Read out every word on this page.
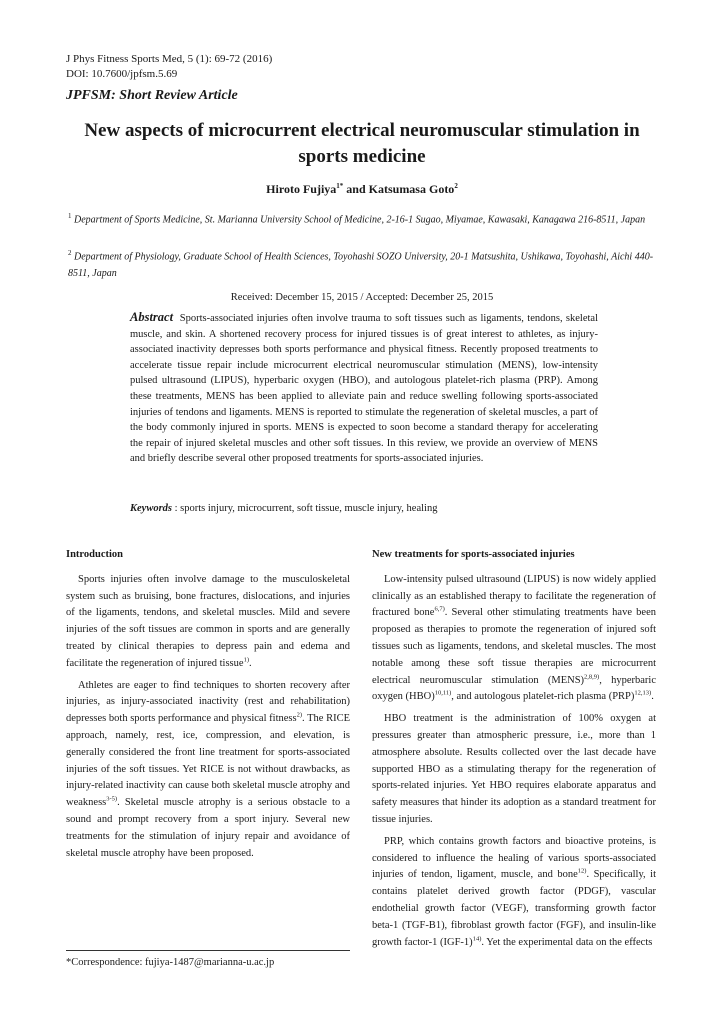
J Phys Fitness Sports Med, 5 (1): 69-72 (2016)
DOI: 10.7600/jpfsm.5.69
JPFSM: Short Review Article
New aspects of microcurrent electrical neuromuscular stimulation in sports medicine
Hiroto Fujiya$^{1*}$ and Katsumasa Goto$^2$
$^1$ Department of Sports Medicine, St. Marianna University School of Medicine, 2-16-1 Sugao, Miyamae, Kawasaki, Kanagawa 216-8511, Japan
$^2$ Department of Physiology, Graduate School of Health Sciences, Toyohashi SOZO University, 20-1 Matsushita, Ushikawa, Toyohashi, Aichi 440-8511, Japan
Received: December 15, 2015 / Accepted: December 25, 2015
Abstract Sports-associated injuries often involve trauma to soft tissues such as ligaments, tendons, skeletal muscle, and skin. A shortened recovery process for injured tissues is of great interest to athletes, as injury-associated inactivity depresses both sports performance and physical fitness. Recently proposed treatments to accelerate tissue repair include microcurrent electrical neuromuscular stimulation (MENS), low-intensity pulsed ultrasound (LIPUS), hyperbaric oxygen (HBO), and autologous platelet-rich plasma (PRP). Among these treatments, MENS has been applied to alleviate pain and reduce swelling following sports-associated injuries of tendons and ligaments. MENS is reported to stimulate the regeneration of skeletal muscles, a part of the body commonly injured in sports. MENS is expected to soon become a standard therapy for accelerating the repair of injured skeletal muscles and other soft tissues. In this review, we provide an overview of MENS and briefly describe several other proposed treatments for sports-associated injuries.
Keywords : sports injury, microcurrent, soft tissue, muscle injury, healing
Introduction

Sports injuries often involve damage to the musculoskeletal system such as bruising, bone fractures, dislocations, and injuries of the ligaments, tendons, and skeletal muscles. Mild and severe injuries of the soft tissues are common in sports and are generally treated by clinical therapies to depress pain and edema and facilitate the regeneration of injured tissue$^{1)}$.

Athletes are eager to find techniques to shorten recovery after injuries, as injury-associated inactivity (rest and rehabilitation) depresses both sports performance and physical fitness$^{2)}$. The RICE approach, namely, rest, ice, compression, and elevation, is generally considered the front line treatment for sports-associated injuries of the soft tissues. Yet RICE is not without drawbacks, as injury-related inactivity can cause both skeletal muscle atrophy and weakness$^{3-5)}$. Skeletal muscle atrophy is a serious obstacle to a sound and prompt recovery from a sport injury. Several new treatments for the stimulation of injury repair and avoidance of skeletal muscle atrophy have been proposed.

New treatments for sports-associated injuries

Low-intensity pulsed ultrasound (LIPUS) is now widely applied clinically as an established therapy to facilitate the regeneration of fractured bone$^{6,7)}$. Several other stimulating treatments have been proposed as therapies to promote the regeneration of injured soft tissues such as ligaments, tendons, and skeletal muscles. The most notable among these soft tissue therapies are microcurrent electrical neuromuscular stimulation (MENS)$^{2,8,9)}$, hyperbaric oxygen (HBO)$^{10,11)}$, and autologous platelet-rich plasma (PRP)$^{12,13)}$.

HBO treatment is the administration of 100% oxygen at pressures greater than atmospheric pressure, i.e., more than 1 atmosphere absolute. Results collected over the last decade have supported HBO as a stimulating therapy for the regeneration of sports-related injuries. Yet HBO requires elaborate apparatus and safety measures that hinder its adoption as a standard treatment for tissue injuries.

PRP, which contains growth factors and bioactive proteins, is considered to influence the healing of various sports-associated injuries of tendon, ligament, muscle, and bone$^{12)}$. Specifically, it contains platelet derived growth factor (PDGF), vascular endothelial growth factor (VEGF), transforming growth factor beta-1 (TGF-B1), fibroblast growth factor (FGF), and insulin-like growth factor-1 $(IGF-1)^{14)}$. Yet the experimental data on the effects

*Correspondence: fujiya-1487@marianna-u.ac.jp
